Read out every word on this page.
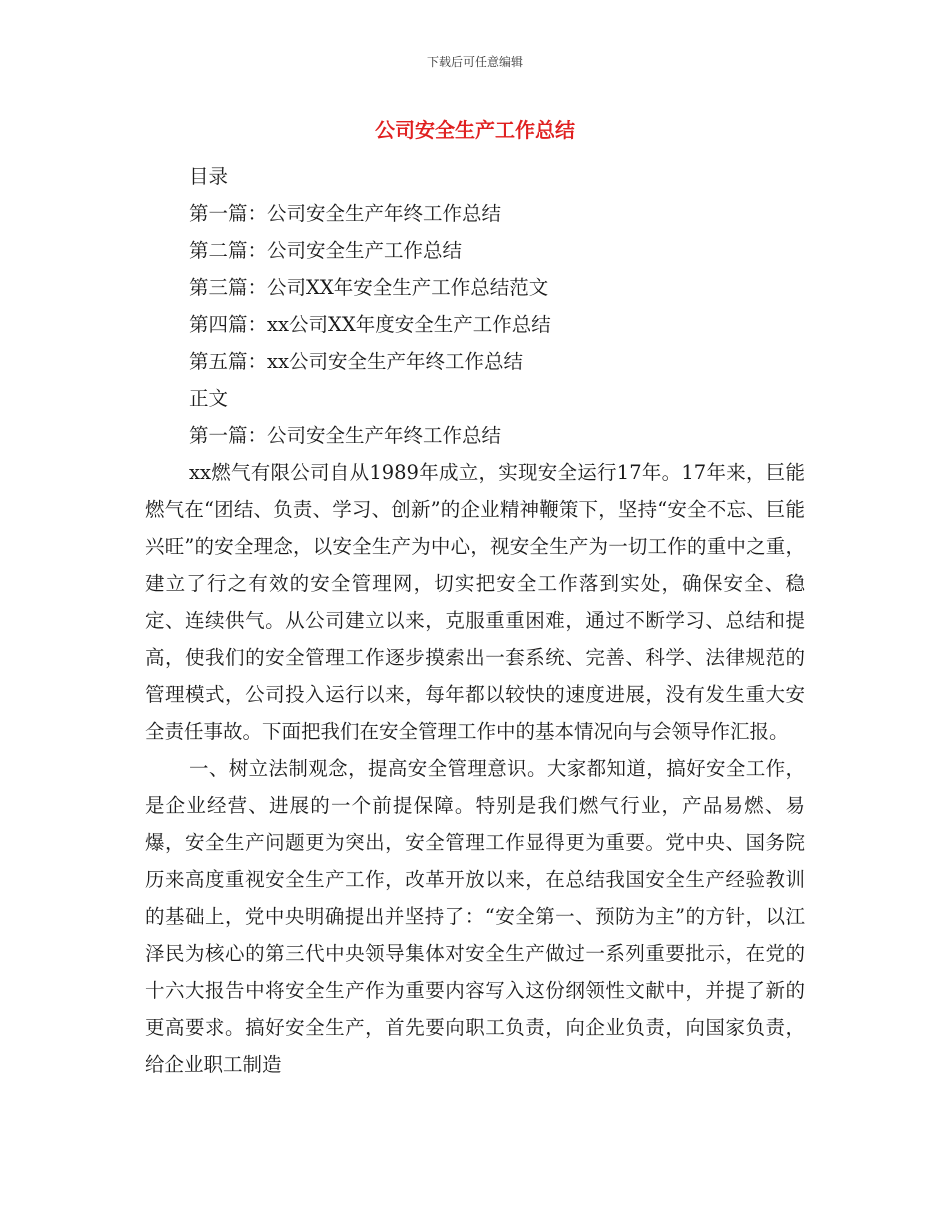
下载后可任意编辑
公司安全生产工作总结
目录
第一篇：公司安全生产年终工作总结
第二篇：公司安全生产工作总结
第三篇：公司XX年安全生产工作总结范文
第四篇：xx公司XX年度安全生产工作总结
第五篇：xx公司安全生产年终工作总结
正文
第一篇：公司安全生产年终工作总结

xx燃气有限公司自从1989年成立，实现安全运行17年。17年来，巨能燃气在“团结、负责、学习、创新”的企业精神鞭策下，坚持“安全不忘、巨能兴旺”的安全理念，以安全生产为中心，视安全生产为一切工作的重中之重，建立了行之有效的安全管理网，切实把安全工作落到实处，确保安全、稳定、连续供气。从公司建立以来，克服重重困难，通过不断学习、总结和提高，使我们的安全管理工作逐步摸索出一套系统、完善、科学、法律规范的管理模式，公司投入运行以来，每年都以较快的速度进展，没有发生重大安全责任事故。下面把我们在安全管理工作中的基本情况向与会领导作汇报。

一、树立法制观念，提高安全管理意识。大家都知道，搞好安全工作，是企业经营、进展的一个前提保障。特别是我们燃气行业，产品易燃、易爆，安全生产问题更为突出，安全管理工作显得更为重要。党中央、国务院历来高度重视安全生产工作，改革开放以来，在总结我国安全生产经验教训的基础上，党中央明确提出并坚持了：“安全第一、预防为主”的方针，以江泽民为核心的第三代中央领导集体对安全生产做过一系列重要批示，在党的十六大报告中将安全生产作为重要内容写入这份纲领性文献中，并提了新的更高要求。搞好安全生产，首先要向职工负责，向企业负责，向国家负责，给企业职工制造
